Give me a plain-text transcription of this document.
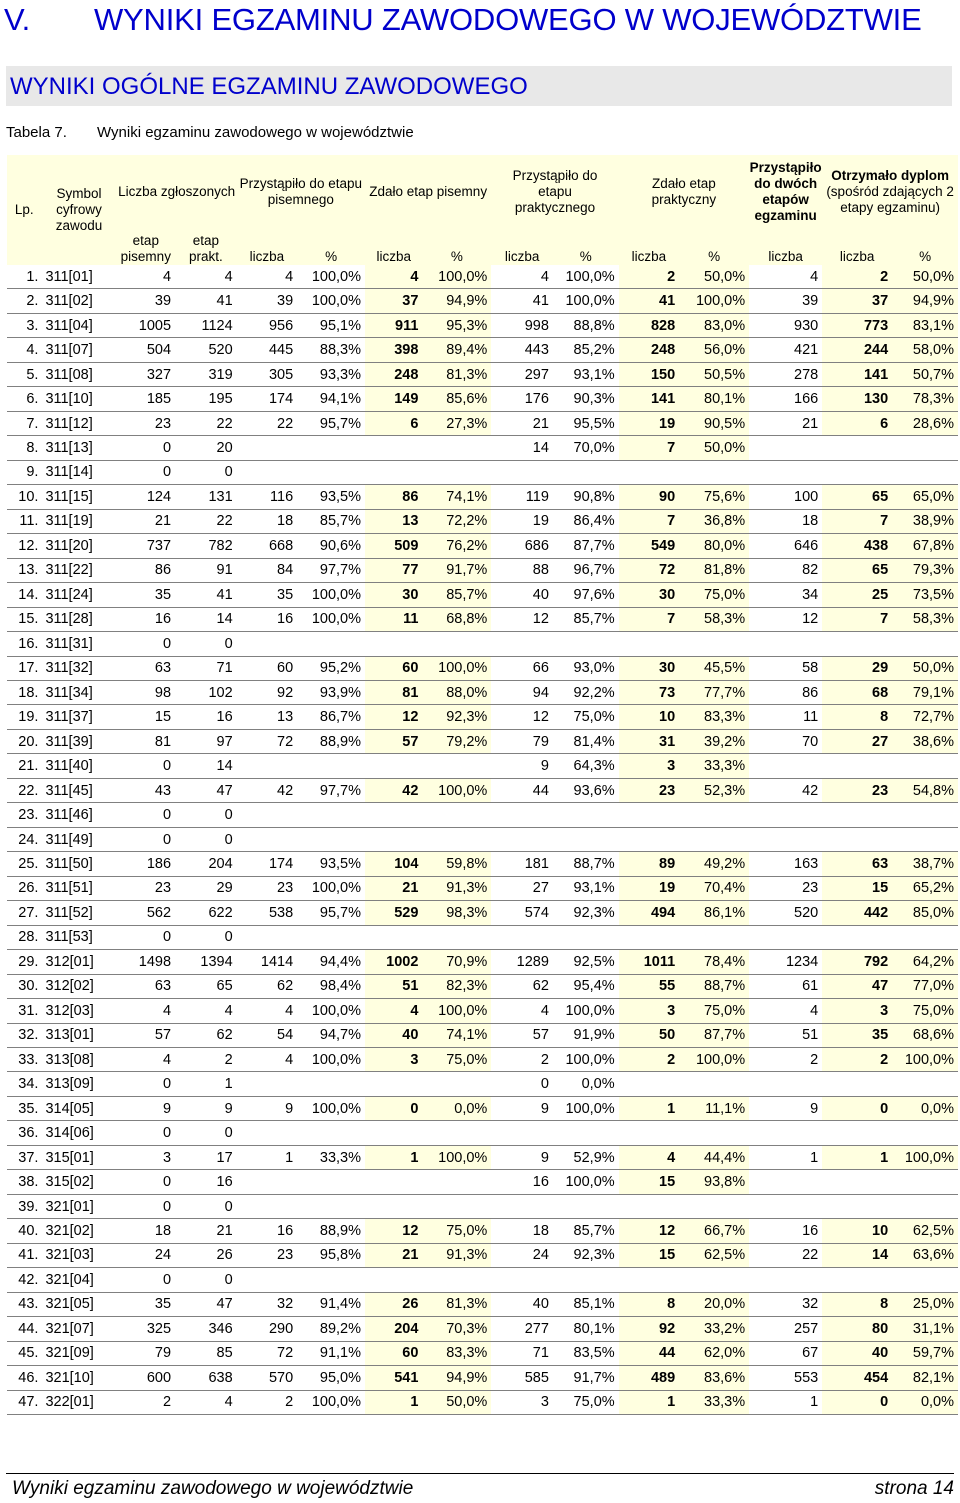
V. WYNIKI EGZAMINU ZAWODOWEGO W WOJEWÓDZTWIE
WYNIKI OGÓLNE EGZAMINU ZAWODOWEGO
Tabela 7. Wyniki egzaminu zawodowego w województwie
Lp.	Symbol cyfrowy zawodu	Liczba zgłoszonych		Przystąpiło do etapu pisemnego		Zdało etap pisemny		Przystąpiło do etapu praktycznego		Zdało etap praktyczny		Przystąpiło do dwóch etapów egzaminu	Otrzymało dyplom
(spośród zdających 2 etapy egzaminu)	

		etap pisemny	etap prakt.	liczba	%	liczba	%	liczba	%	liczba	%	liczba	liczba	%
1.	311[01]	4	4	4	100,0%	4	100,0%	4	100,0%	2	50,0%	4	2	50,0%
2.	311[02]	39	41	39	100,0%	37	94,9%	41	100,0%	41	100,0%	39	37	94,9%
3.	311[04]	1005	1124	956	95,1%	911	95,3%	998	88,8%	828	83,0%	930	773	83,1%
4.	311[07]	504	520	445	88,3%	398	89,4%	443	85,2%	248	56,0%	421	244	58,0%
5.	311[08]	327	319	305	93,3%	248	81,3%	297	93,1%	150	50,5%	278	141	50,7%
6.	311[10]	185	195	174	94,1%	149	85,6%	176	90,3%	141	80,1%	166	130	78,3%
7.	311[12]	23	22	22	95,7%	6	27,3%	21	95,5%	19	90,5%	21	6	28,6%
8.	311[13]	0	20					14	70,0%	7	50,0%			
9.	311[14]	0	0											
10.	311[15]	124	131	116	93,5%	86	74,1%	119	90,8%	90	75,6%	100	65	65,0%
11.	311[19]	21	22	18	85,7%	13	72,2%	19	86,4%	7	36,8%	18	7	38,9%
12.	311[20]	737	782	668	90,6%	509	76,2%	686	87,7%	549	80,0%	646	438	67,8%
13.	311[22]	86	91	84	97,7%	77	91,7%	88	96,7%	72	81,8%	82	65	79,3%
14.	311[24]	35	41	35	100,0%	30	85,7%	40	97,6%	30	75,0%	34	25	73,5%
15.	311[28]	16	14	16	100,0%	11	68,8%	12	85,7%	7	58,3%	12	7	58,3%
16.	311[31]	0	0											
17.	311[32]	63	71	60	95,2%	60	100,0%	66	93,0%	30	45,5%	58	29	50,0%
18.	311[34]	98	102	92	93,9%	81	88,0%	94	92,2%	73	77,7%	86	68	79,1%
19.	311[37]	15	16	13	86,7%	12	92,3%	12	75,0%	10	83,3%	11	8	72,7%
20.	311[39]	81	97	72	88,9%	57	79,2%	79	81,4%	31	39,2%	70	27	38,6%
21.	311[40]	0	14					9	64,3%	3	33,3%			
22.	311[45]	43	47	42	97,7%	42	100,0%	44	93,6%	23	52,3%	42	23	54,8%
23.	311[46]	0	0											
24.	311[49]	0	0											
25.	311[50]	186	204	174	93,5%	104	59,8%	181	88,7%	89	49,2%	163	63	38,7%
26.	311[51]	23	29	23	100,0%	21	91,3%	27	93,1%	19	70,4%	23	15	65,2%
27.	311[52]	562	622	538	95,7%	529	98,3%	574	92,3%	494	86,1%	520	442	85,0%
28.	311[53]	0	0											
29.	312[01]	1498	1394	1414	94,4%	1002	70,9%	1289	92,5%	1011	78,4%	1234	792	64,2%
30.	312[02]	63	65	62	98,4%	51	82,3%	62	95,4%	55	88,7%	61	47	77,0%
31.	312[03]	4	4	4	100,0%	4	100,0%	4	100,0%	3	75,0%	4	3	75,0%
32.	313[01]	57	62	54	94,7%	40	74,1%	57	91,9%	50	87,7%	51	35	68,6%
33.	313[08]	4	2	4	100,0%	3	75,0%	2	100,0%	2	100,0%	2	2	100,0%
34.	313[09]	0	1					0	0,0%					
35.	314[05]	9	9	9	100,0%	0	0,0%	9	100,0%	1	11,1%	9	0	0,0%
36.	314[06]	0	0											
37.	315[01]	3	17	1	33,3%	1	100,0%	9	52,9%	4	44,4%	1	1	100,0%
38.	315[02]	0	16					16	100,0%	15	93,8%			
39.	321[01]	0	0											
40.	321[02]	18	21	16	88,9%	12	75,0%	18	85,7%	12	66,7%	16	10	62,5%
41.	321[03]	24	26	23	95,8%	21	91,3%	24	92,3%	15	62,5%	22	14	63,6%
42.	321[04]	0	0											
43.	321[05]	35	47	32	91,4%	26	81,3%	40	85,1%	8	20,0%	32	8	25,0%
44.	321[07]	325	346	290	89,2%	204	70,3%	277	80,1%	92	33,2%	257	80	31,1%
45.	321[09]	79	85	72	91,1%	60	83,3%	71	83,5%	44	62,0%	67	40	59,7%
46.	321[10]	600	638	570	95,0%	541	94,9%	585	91,7%	489	83,6%	553	454	82,1%
47.	322[01]	2	4	2	100,0%	1	50,0%	3	75,0%	1	33,3%	1	0	0,0%
Wyniki egzaminu zawodowego w województwie	strona 14
